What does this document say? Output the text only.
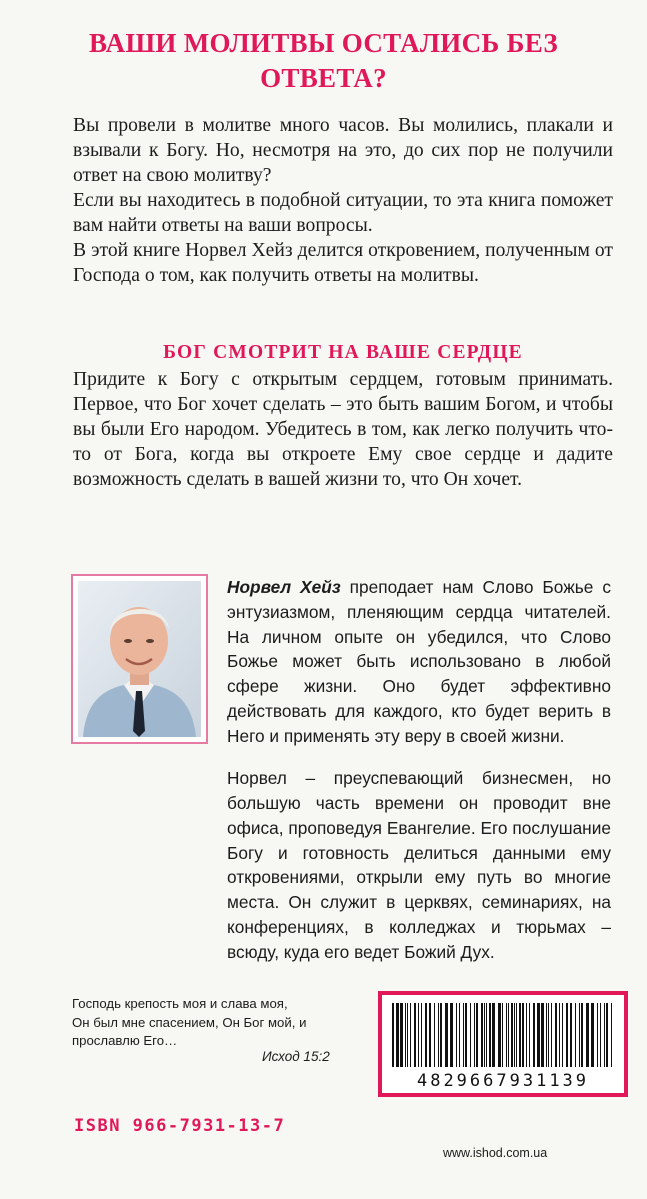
ВАШИ МОЛИТВЫ ОСТАЛИСЬ БЕЗ
ОТВЕТА?

Вы провели в молитве много часов. Вы молились, плакали и взывали к Богу. Но, несмотря на это, до сих пор не получили ответ на свою молитву?

Если вы находитесь в подобной ситуации, то эта книга поможет вам найти ответы на ваши вопросы.

В этой книге Норвел Хейз делится откровением, полученным от Господа о том, как получить ответы на молитвы.

БОГ СМОТРИТ НА ВАШЕ СЕРДЦЕ

Придите к Богу с открытым сердцем, готовым принимать. Первое, что Бог хочет сделать – это быть вашим Богом, и чтобы вы были Его народом. Убедитесь в том, как легко получить что-то от Бога, когда вы откроете Ему свое сердце и дадите возможность сделать в вашей жизни то, что Он хочет.

Норвел Хейз преподает нам Слово Божье с энтузиазмом, пленяющим сердца читателей. На личном опыте он убедился, что Слово Божье может быть использовано в любой сфере жизни. Оно будет эффективно действовать для каждого, кто будет верить в Него и применять эту веру в своей жизни.

Норвел – преуспевающий бизнесмен, но большую часть времени он проводит вне офиса, проповедуя Евангелие. Его послушание Богу и готовность делиться данными ему откровениями, открыли ему путь во многие места. Он служит в церквях, семинариях, на конференциях, в колледжах и тюрьмах – всюду, куда его ведет Божий Дух.

Господь крепость моя и слава моя,
Он был мне спасением, Он Бог мой, и
прославлю Его…
Исход 15:2
4829667931139
ISBN 966-7931-13-7
www.ishod.com.ua
